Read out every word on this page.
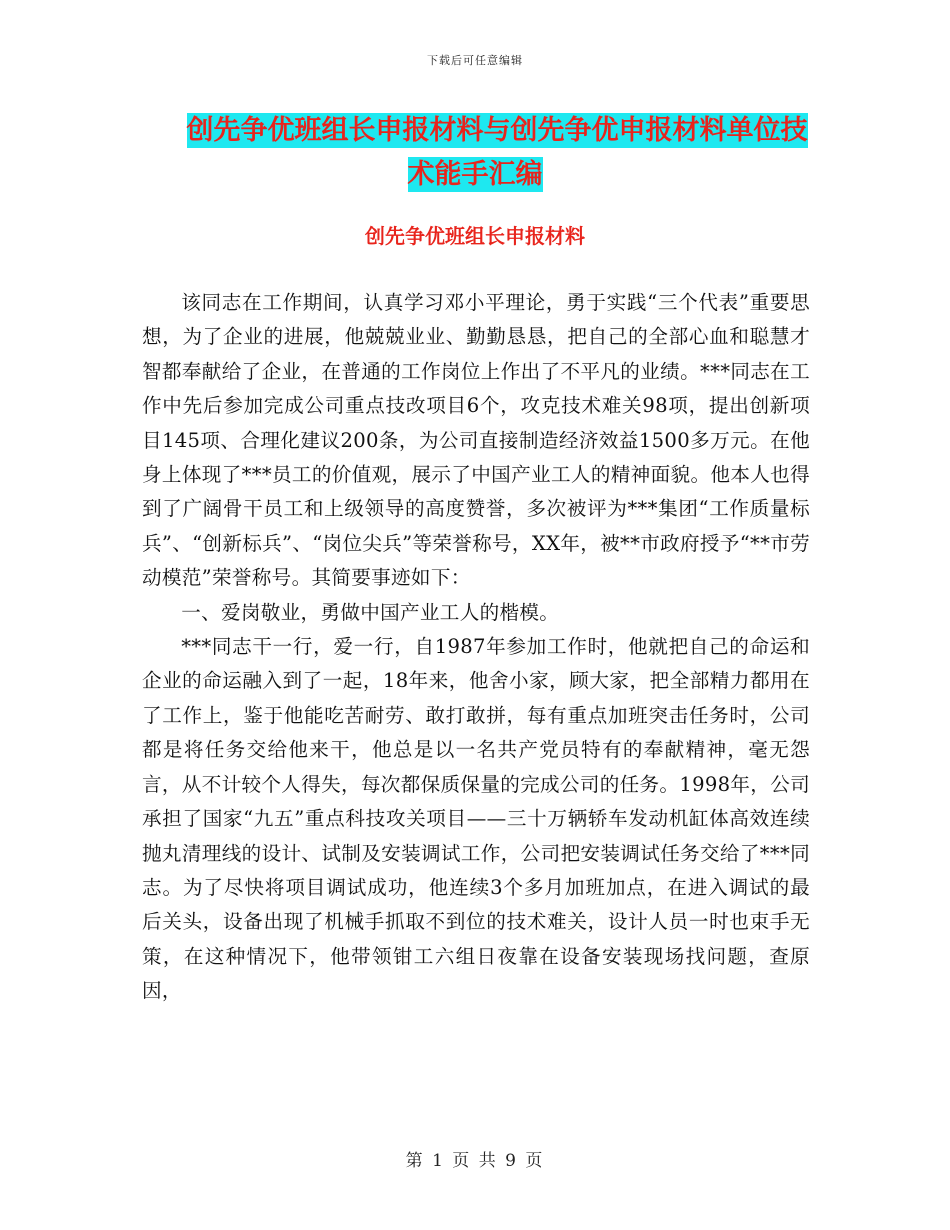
下载后可任意编辑
创先争优班组长申报材料与创先争优申报材料单位技
术能手汇编
创先争优班组长申报材料

该同志在工作期间，认真学习邓小平理论，勇于实践“三个代表”重要思想，为了企业的进展，他兢兢业业、勤勤恳恳，把自己的全部心血和聪慧才智都奉献给了企业，在普通的工作岗位上作出了不平凡的业绩。***同志在工作中先后参加完成公司重点技改项目6个，攻克技术难关98项，提出创新项目145项、合理化建议200条，为公司直接制造经济效益1500多万元。在他身上体现了***员工的价值观，展示了中国产业工人的精神面貌。他本人也得到了广阔骨干员工和上级领导的高度赞誉，多次被评为***集团“工作质量标兵”、“创新标兵”、“岗位尖兵”等荣誉称号，XX年，被**市政府授予“**市劳动模范”荣誉称号。其简要事迹如下：

一、爱岗敬业，勇做中国产业工人的楷模。

***同志干一行，爱一行，自1987年参加工作时，他就把自己的命运和企业的命运融入到了一起，18年来，他舍小家，顾大家，把全部精力都用在了工作上，鉴于他能吃苦耐劳、敢打敢拼，每有重点加班突击任务时，公司都是将任务交给他来干，他总是以一名共产党员特有的奉献精神，毫无怨言，从不计较个人得失，每次都保质保量的完成公司的任务。1998年，公司承担了国家“九五”重点科技攻关项目——三十万辆轿车发动机缸体高效连续抛丸清理线的设计、试制及安装调试工作，公司把安装调试任务交给了***同志。为了尽快将项目调试成功，他连续3个多月加班加点，在进入调试的最后关头，设备出现了机械手抓取不到位的技术难关，设计人员一时也束手无策，在这种情况下，他带领钳工六组日夜靠在设备安装现场找问题，查原因，

第 1 页 共 9 页
